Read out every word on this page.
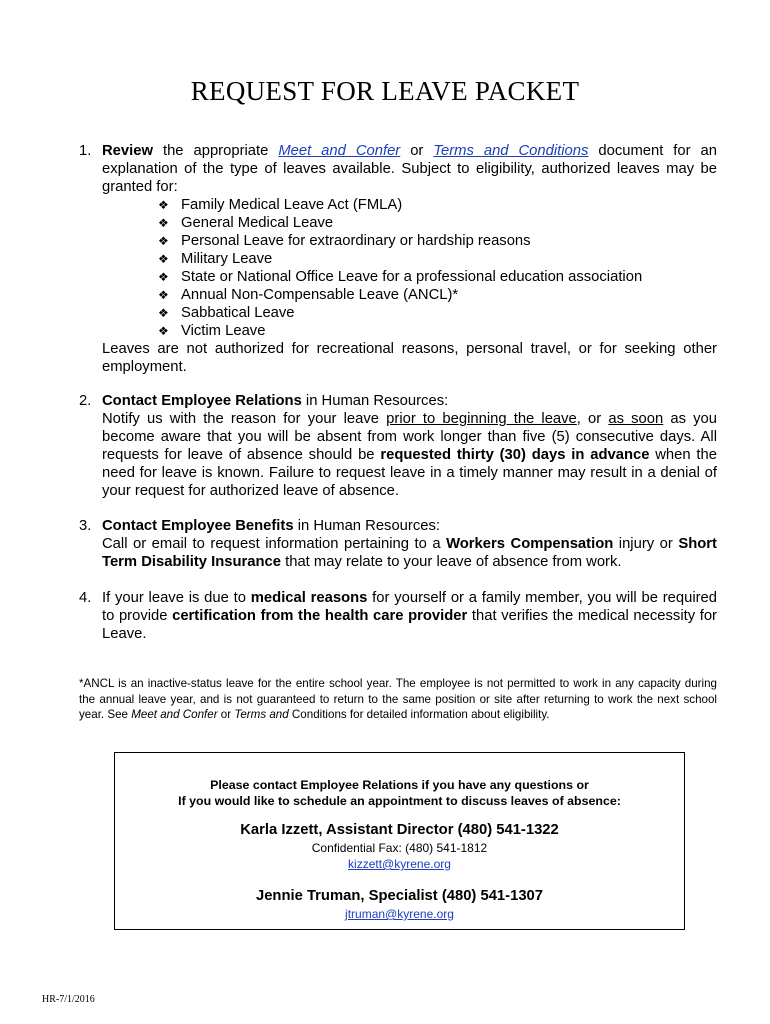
REQUEST FOR LEAVE PACKET
1. Review the appropriate Meet and Confer or Terms and Conditions document for an explanation of the type of leaves available. Subject to eligibility, authorized leaves may be granted for:
❖ Family Medical Leave Act (FMLA)
❖ General Medical Leave
❖ Personal Leave for extraordinary or hardship reasons
❖ Military Leave
❖ State or National Office Leave for a professional education association
❖ Annual Non-Compensable Leave (ANCL)*
❖ Sabbatical Leave
❖ Victim Leave
Leaves are not authorized for recreational reasons, personal travel, or for seeking other employment.
2. Contact Employee Relations in Human Resources:
Notify us with the reason for your leave prior to beginning the leave, or as soon as you become aware that you will be absent from work longer than five (5) consecutive days. All requests for leave of absence should be requested thirty (30) days in advance when the need for leave is known. Failure to request leave in a timely manner may result in a denial of your request for authorized leave of absence.
3. Contact Employee Benefits in Human Resources:
Call or email to request information pertaining to a Workers Compensation injury or Short Term Disability Insurance that may relate to your leave of absence from work.
4. If your leave is due to medical reasons for yourself or a family member, you will be required to provide certification from the health care provider that verifies the medical necessity for Leave.
*ANCL is an inactive-status leave for the entire school year. The employee is not permitted to work in any capacity during the annual leave year, and is not guaranteed to return to the same position or site after returning to work the next school year. See Meet and Confer or Terms and Conditions for detailed information about eligibility.
Please contact Employee Relations if you have any questions or
If you would like to schedule an appointment to discuss leaves of absence:
Karla Izzett, Assistant Director (480) 541-1322
Confidential Fax: (480) 541-1812
kizzett@kyrene.org
Jennie Truman, Specialist (480) 541-1307
jtruman@kyrene.org
HR-7/1/2016
